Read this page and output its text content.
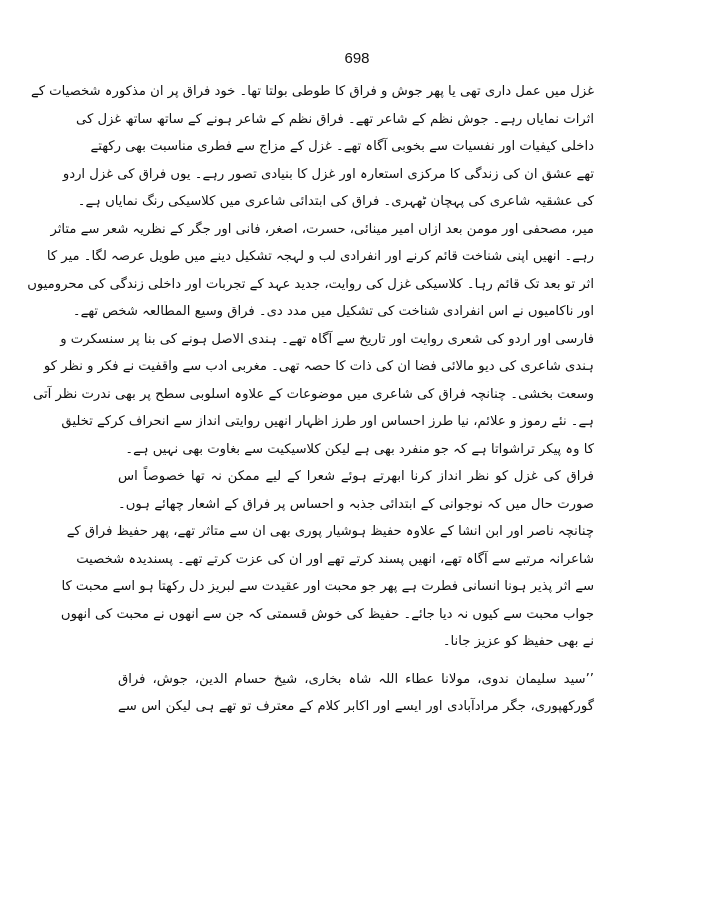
698
غزل میں عمل داری تھی یا پھر جوش و فراق کا طوطی بولتا تھا۔ خود فراق پر ان مذکورہ شخصیات کے
اثرات نمایاں رہے۔ جوش نظم کے شاعر تھے۔ فراق نظم کے شاعر ہونے کے ساتھ ساتھ غزل کی
داخلی کیفیات اور نفسیات سے بخوبی آگاہ تھے۔ غزل کے مزاج سے فطری مناسبت بھی رکھتے
تھے عشق ان کی زندگی کا مرکزی استعارہ اور غزل کا بنیادی تصور رہے۔ یوں فراق کی غزل اردو
کی عشقیہ شاعری کی پہچان ٹھہری۔ فراق کی ابتدائی شاعری میں کلاسیکی رنگ نمایاں ہے۔
میر، مصحفی اور مومن بعد ازاں امیر مینائی، حسرت، اصغر، فانی اور جگر کے نظریہ شعر سے متاثر
رہے۔ انھیں اپنی شناخت قائم کرنے اور انفرادی لب و لہجہ تشکیل دینے میں طویل عرصہ لگا۔ میر کا
اثر تو بعد تک قائم رہا۔ کلاسیکی غزل کی روایت، جدید عہد کے تجربات اور داخلی زندگی کی محرومیوں
اور ناکامیوں نے اس انفرادی شناخت کی تشکیل میں مدد دی۔ فراق وسیع المطالعہ شخص تھے۔
فارسی اور اردو کی شعری روایت اور تاریخ سے آگاہ تھے۔ ہندی الاصل ہونے کی بنا پر سنسکرت و
ہندی شاعری کی دیو مالائی فضا ان کی ذات کا حصہ تھی۔ مغربی ادب سے واقفیت نے فکر و نظر کو
وسعت بخشی۔ چنانچہ فراق کی شاعری میں موضوعات کے علاوہ اسلوبی سطح پر بھی ندرت نظر آتی
ہے۔ نئے رموز و علائم، نیا طرز احساس اور طرز اظہار انھیں روایتی انداز سے انحراف کرکے تخلیق
کا وہ پیکر تراشواتا ہے کہ جو منفرد بھی ہے لیکن کلاسیکیت سے بغاوت بھی نہیں ہے۔
فراق کی غزل کو نظر انداز کرنا ابھرتے ہوئے شعرا کے لیے ممکن نہ تھا خصوصاً اس
صورت حال میں کہ نوجوانی کے ابتدائی جذبہ و احساس پر فراق کے اشعار چھائے ہوں۔
چنانچہ ناصر اور ابن انشا کے علاوہ حفیظ ہوشیار پوری بھی ان سے متاثر تھے، پھر حفیظ فراق کے
شاعرانہ مرتبے سے آگاہ تھے، انھیں پسند کرتے تھے اور ان کی عزت کرتے تھے۔ پسندیدہ شخصیت
سے اثر پذیر ہونا انسانی فطرت ہے پھر جو محبت اور عقیدت سے لبریز دل رکھتا ہو اسے محبت کا
جواب محبت سے کیوں نہ دیا جائے۔ حفیظ کی خوش قسمتی کہ جن سے انھوں نے محبت کی انھوں
نے بھی حفیظ کو عزیز جانا۔
’’سید سلیمان ندوی، مولانا عطاء اللہ شاہ بخاری، شیخ حسام الدین، جوش، فراق
گورکھپوری، جگر مرادآبادی اور ایسے اور اکابر کلام کے معترف تو تھے ہی لیکن اس سے
